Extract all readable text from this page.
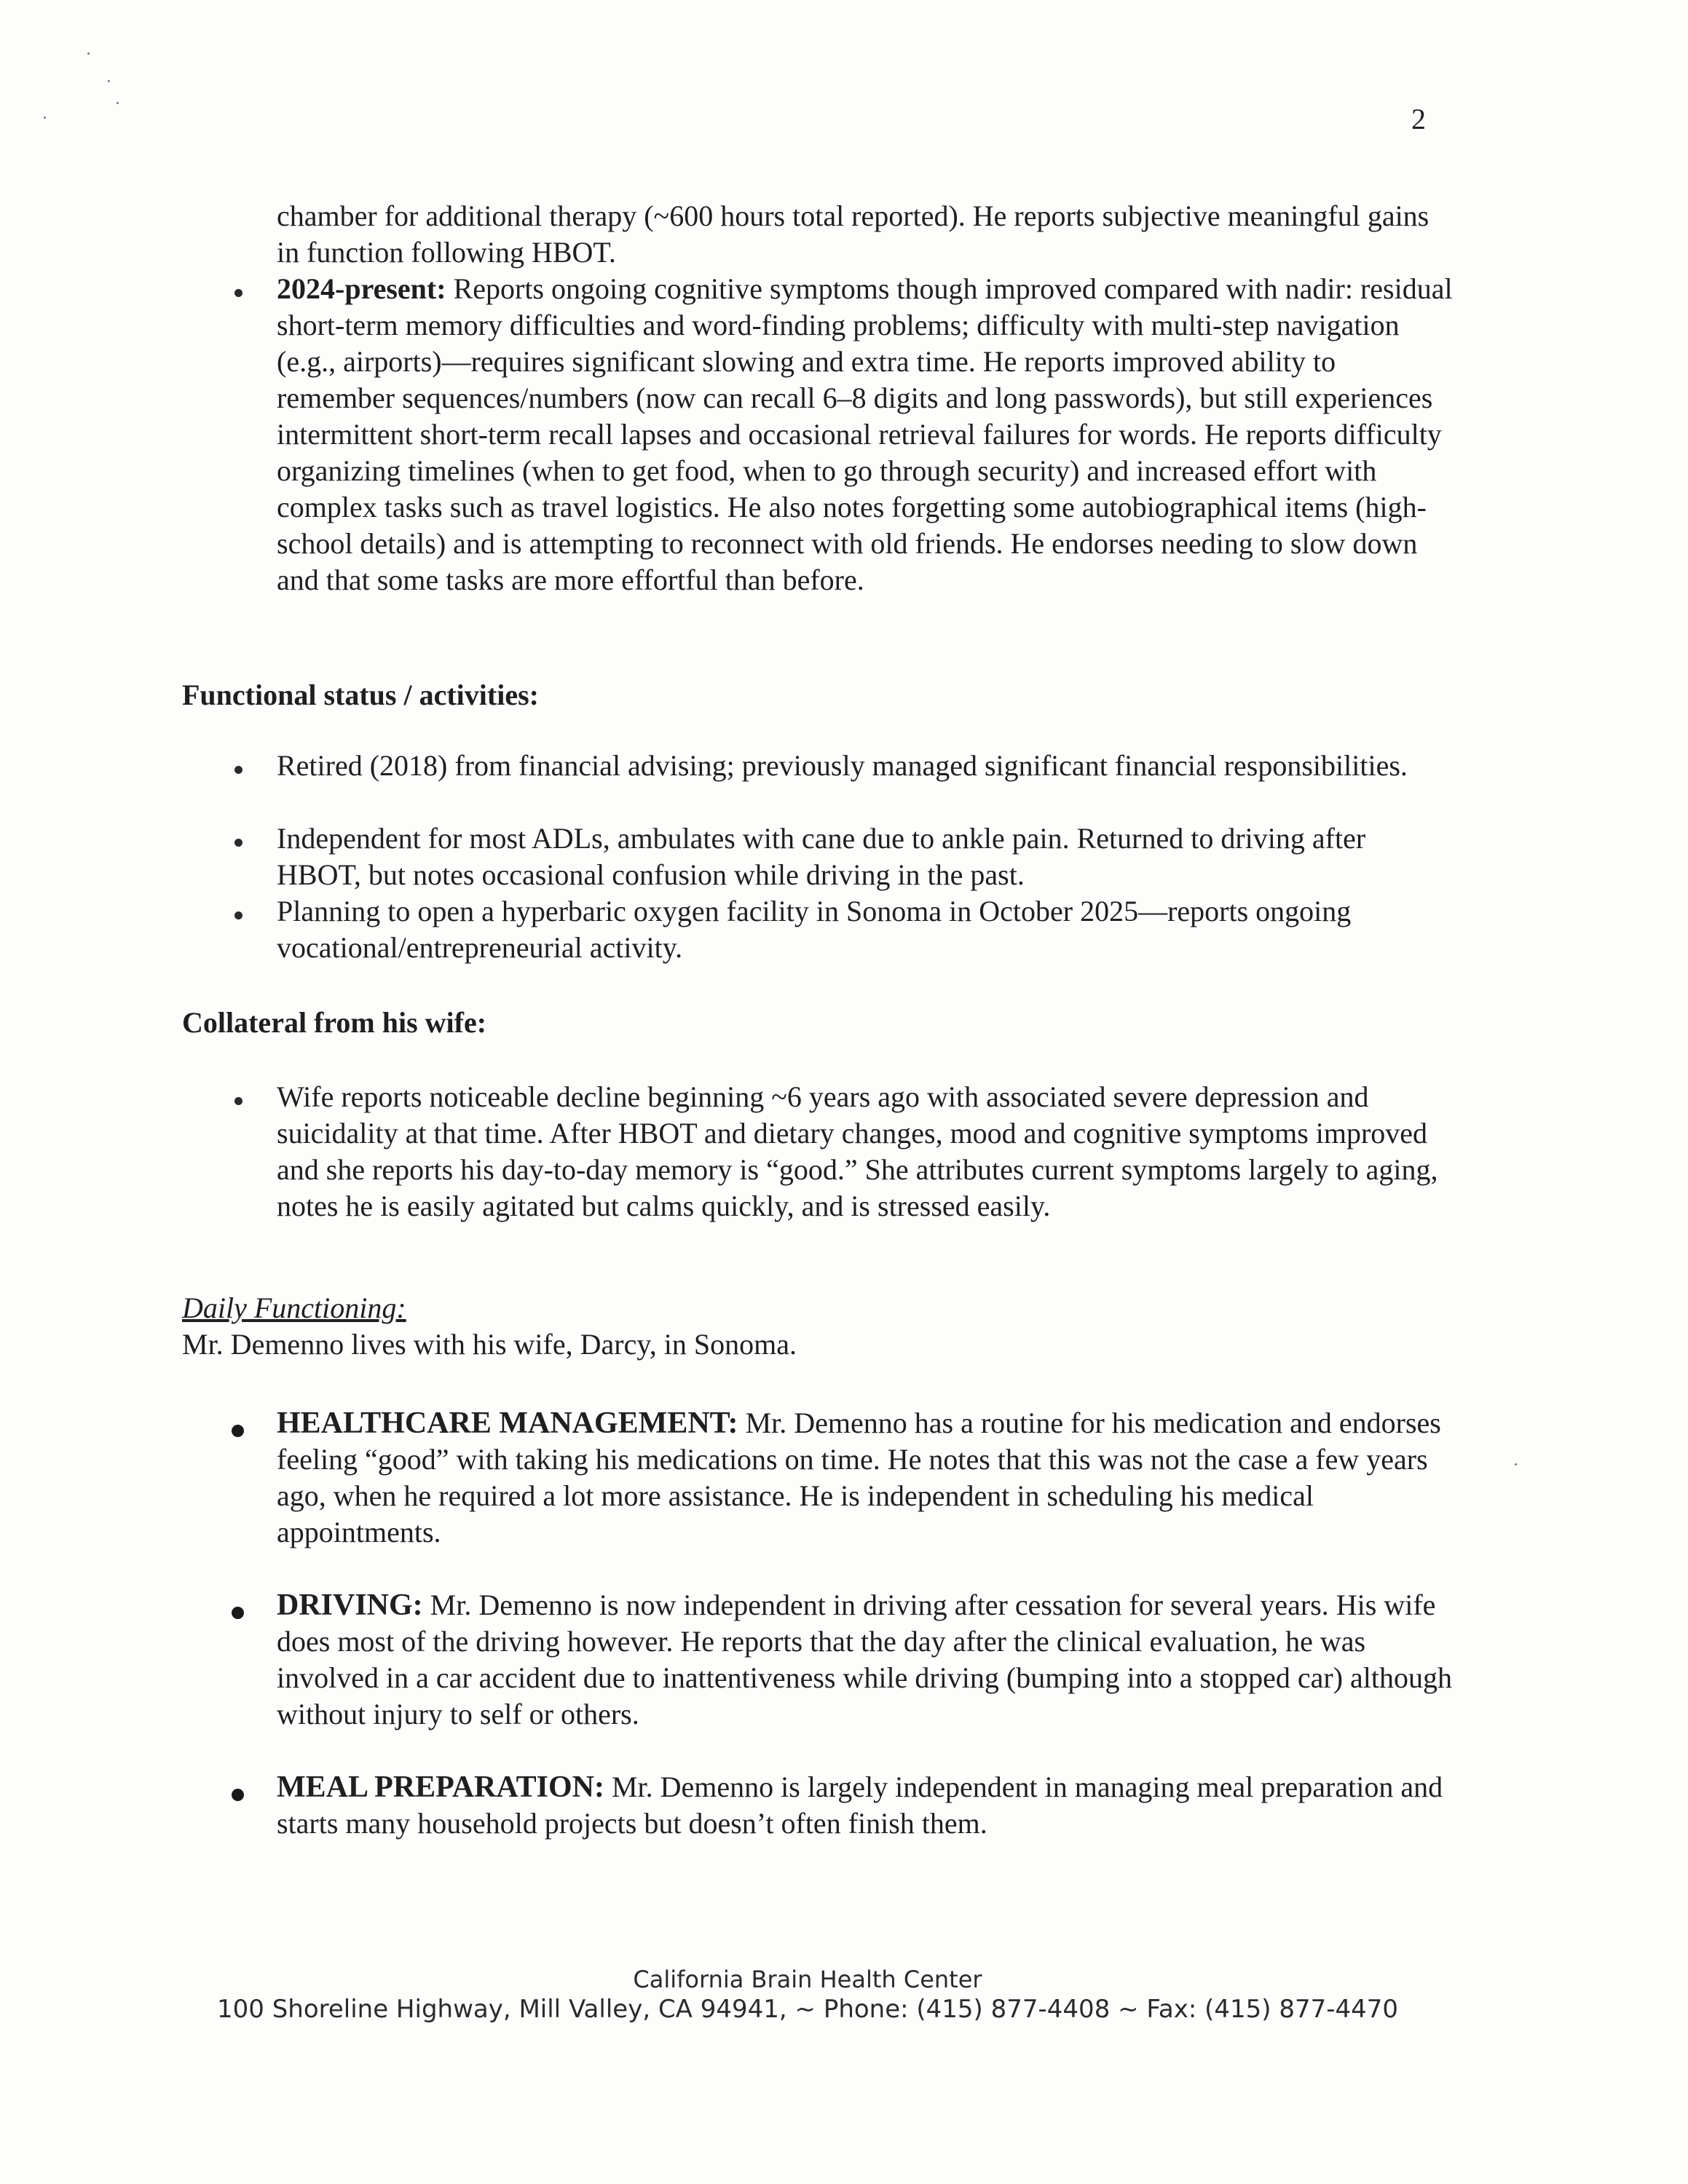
2

chamber for additional therapy (~600 hours total reported). He reports subjective meaningful gains in function following HBOT.

2024-present: Reports ongoing cognitive symptoms though improved compared with nadir: residual short-term memory difficulties and word-finding problems; difficulty with multi-step navigation (e.g., airports)—requires significant slowing and extra time. He reports improved ability to remember sequences/numbers (now can recall 6–8 digits and long passwords), but still experiences intermittent short-term recall lapses and occasional retrieval failures for words. He reports difficulty organizing timelines (when to get food, when to go through security) and increased effort with complex tasks such as travel logistics. He also notes forgetting some autobiographical items (high-school details) and is attempting to reconnect with old friends. He endorses needing to slow down and that some tasks are more effortful than before.

Functional status / activities:

Retired (2018) from financial advising; previously managed significant financial responsibilities.

Independent for most ADLs, ambulates with cane due to ankle pain. Returned to driving after HBOT, but notes occasional confusion while driving in the past.

Planning to open a hyperbaric oxygen facility in Sonoma in October 2025—reports ongoing vocational/entrepreneurial activity.

Collateral from his wife:

Wife reports noticeable decline beginning ~6 years ago with associated severe depression and suicidality at that time. After HBOT and dietary changes, mood and cognitive symptoms improved and she reports his day-to-day memory is “good.” She attributes current symptoms largely to aging, notes he is easily agitated but calms quickly, and is stressed easily.

Daily Functioning:
Mr. Demenno lives with his wife, Darcy, in Sonoma.

HEALTHCARE MANAGEMENT: Mr. Demenno has a routine for his medication and endorses feeling “good” with taking his medications on time. He notes that this was not the case a few years ago, when he required a lot more assistance. He is independent in scheduling his medical appointments.

DRIVING: Mr. Demenno is now independent in driving after cessation for several years. His wife does most of the driving however. He reports that the day after the clinical evaluation, he was involved in a car accident due to inattentiveness while driving (bumping into a stopped car) although without injury to self or others.

MEAL PREPARATION: Mr. Demenno is largely independent in managing meal preparation and starts many household projects but doesn’t often finish them.

California Brain Health Center
100 Shoreline Highway, Mill Valley, CA 94941, ~ Phone: (415) 877-4408 ~ Fax: (415) 877-4470
